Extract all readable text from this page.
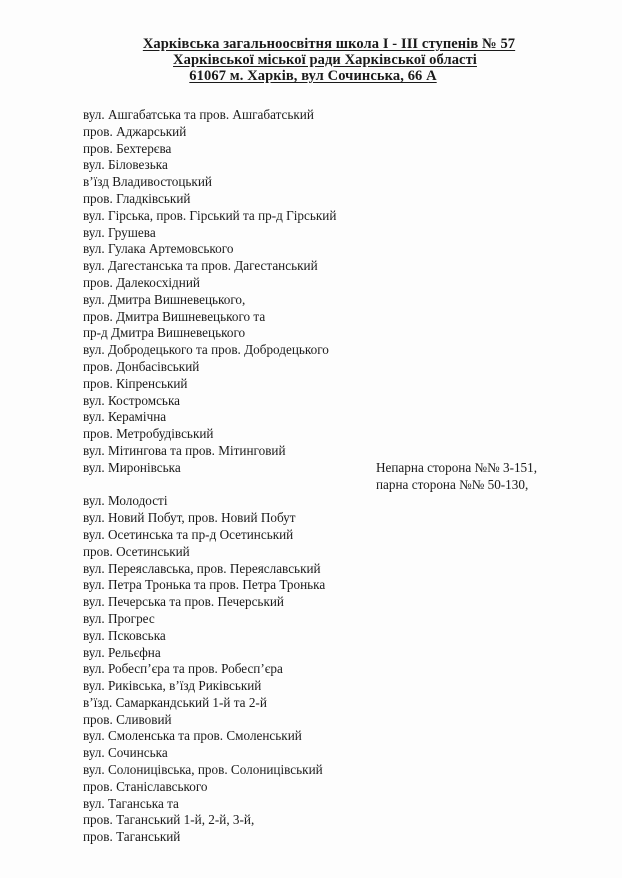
Харківська загальноосвітня школа І - ІІІ ступенів № 57
Харківської міської ради Харківської області
61067 м. Харків, вул Сочинська, 66 А
вул. Ашгабатська та пров. Ашгабатський
пров. Аджарський
пров. Бехтерєва
вул. Біловезька
в’їзд Владивостоцький
пров. Гладківський
вул. Гірська, пров. Гірський та пр-д Гірський
вул. Грушева
вул. Гулака Артемовського
вул. Дагестанська та пров. Дагестанський
пров. Далекосхідний
вул. Дмитра Вишневецького,
пров. Дмитра Вишневецького та
пр-д Дмитра Вишневецького
вул. Добродецького та пров. Добродецького
пров. Донбасівський
пров. Кіпренський
вул. Костромська
вул. Керамічна
пров. Метробудівський
вул. Мітингова та пров. Мітинговий
вул. Миронівська
вул. Молодості
вул. Новий Побут, пров. Новий Побут
вул. Осетинська та пр-д Осетинський
пров. Осетинський
вул. Переяславська, пров. Переяславський
вул. Петра Тронька та пров. Петра Тронька
вул. Печерська та пров. Печерський
вул. Прогрес
вул. Псковська
вул. Рельєфна
вул. Робесп’єра та пров. Робесп’єра
вул. Риківська, в’їзд Риківський
в’їзд. Самаркандський 1-й та 2-й
пров. Сливовий
вул. Смоленська та пров. Смоленський
вул. Сочинська
вул. Солоницівська, пров. Солоницівський
пров. Станіславського
вул. Таганська та
пров. Таганський 1-й, 2-й, 3-й,
пров. Таганський
Непарна сторона №№ 3-151,
парна сторона №№ 50-130,
